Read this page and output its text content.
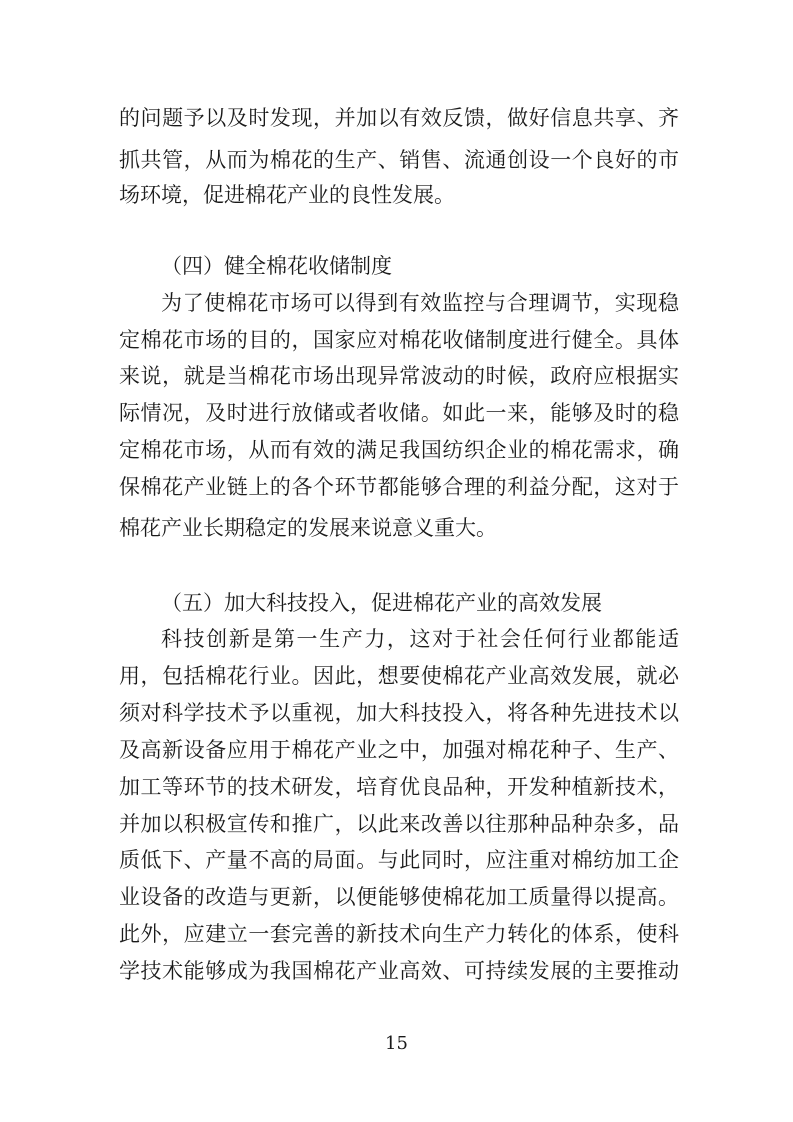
的问题予以及时发现，并加以有效反馈，做好信息共享、齐
抓共管，从而为棉花的生产、销售、流通创设一个良好的市
场环境，促进棉花产业的良性发展。
（四）健全棉花收储制度
为了使棉花市场可以得到有效监控与合理调节，实现稳
定棉花市场的目的，国家应对棉花收储制度进行健全。具体
来说，就是当棉花市场出现异常波动的时候，政府应根据实
际情况，及时进行放储或者收储。如此一来，能够及时的稳
定棉花市场，从而有效的满足我国纺织企业的棉花需求，确
保棉花产业链上的各个环节都能够合理的利益分配，这对于
棉花产业长期稳定的发展来说意义重大。
（五）加大科技投入，促进棉花产业的高效发展
科技创新是第一生产力，这对于社会任何行业都能适
用，包括棉花行业。因此，想要使棉花产业高效发展，就必
须对科学技术予以重视，加大科技投入，将各种先进技术以
及高新设备应用于棉花产业之中，加强对棉花种子、生产、
加工等环节的技术研发，培育优良品种，开发种植新技术，
并加以积极宣传和推广，以此来改善以往那种品种杂多，品
质低下、产量不高的局面。与此同时，应注重对棉纺加工企
业设备的改造与更新，以便能够使棉花加工质量得以提高。
此外，应建立一套完善的新技术向生产力转化的体系，使科
学技术能够成为我国棉花产业高效、可持续发展的主要推动
15
